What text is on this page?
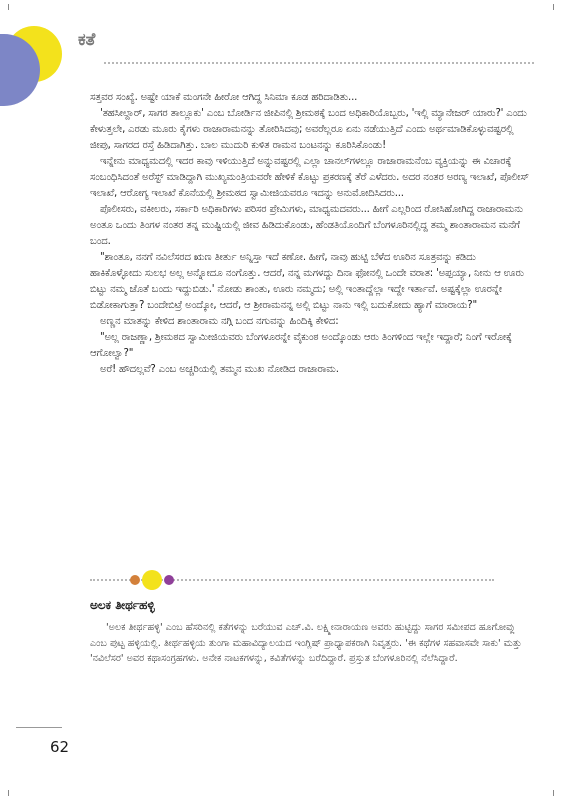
ಕತೆ

ಸತ್ತವರ ಸಂಖ್ಯೆ. ಅಷ್ಟೇ ಯಾಕೆ ಮಂಗನೇ ಹೀರೋ ಆಗಿದ್ದ ಸಿನಿಮಾ ಕೂಡ ಹರಿದಾಡಿತು...

'ತಹಸೀಲ್ದಾರ್, ಸಾಗರ ತಾಲ್ಲೂಕು' ಎಂಬ ಬೋರ್ಡಿನ ಜೀಪಿನಲ್ಲಿ ಶ್ರೀಮಠಕ್ಕೆ ಬಂದ ಅಧಿಕಾರಿಯೊಬ್ಬರು, 'ಇಲ್ಲಿ ಮ್ಯಾನೇಜರ್ ಯಾರು?' ಎಂದು ಕೇಳುತ್ತಲೇ, ಎರಡು ಮೂರು ಕೈಗಳು ರಾಜಾರಾಮನನ್ನು ತೋರಿಸಿದವು; ಅವರೆಲ್ಲರೂ ಏನು ನಡೆಯುತ್ತಿದೆ ಎಂದು ಅರ್ಥಮಾಡಿಕೊಳ್ಳುವಷ್ಟರಲ್ಲಿ ಜೀಪು, ಸಾಗರದ ರಸ್ತೆ ಹಿಡಿದಾಗಿತ್ತು. ಬಾಲ ಮುದುರಿ ಕುಳಿತ ರಾಮನ ಬಂಟನನ್ನು ಕೂರಿಸಿಕೊಂಡು!

ಇನ್ನೇನು ಮಾಧ್ಯಮದಲ್ಲಿ ಇದರ ಕಾವು ಇಳಿಯುತ್ತಿದೆ ಅನ್ನುವಷ್ಟರಲ್ಲಿ ಎಲ್ಲಾ ಚಾನಲ್‌ಗಳಲ್ಲೂ ರಾಜಾರಾಮನೆಂಬ ವ್ಯಕ್ತಿಯನ್ನು ಈ ವಿಚಾರಕ್ಕೆ ಸಂಬಂಧಿಸಿದಂತೆ ಅರೆಸ್ಟ್ ಮಾಡಿದ್ದಾಗಿ ಮುಖ್ಯಮಂತ್ರಿಯವರೇ ಹೇಳಿಕೆ ಕೊಟ್ಟು ಪ್ರಕರಣಕ್ಕೆ ತೆರೆ ಎಳೆದರು. ಅದರ ನಂತರ ಅರಣ್ಯ ಇಲಾಖೆ, ಪೊಲೀಸ್ ಇಲಾಖೆ, ಆರೋಗ್ಯ ಇಲಾಖೆ ಕೊನೆಯಲ್ಲಿ ಶ್ರೀಮಠದ ಸ್ವಾಮೀಜಿಯವರೂ ಇದನ್ನು ಅನುಮೋದಿಸಿದರು...

ಪೊಲೀಸರು, ವಕೀಲರು, ಸರ್ಕಾರಿ ಅಧಿಕಾರಿಗಳು ಪರಿಸರ ಪ್ರೇಮಿಗಳು, ಮಾಧ್ಯಮದವರು... ಹೀಗೆ ಎಲ್ಲರಿಂದ ರೋಸಿಹೋಗಿದ್ದ ರಾಜಾರಾಮನು ಅಂತೂ ಒಂದು ತಿಂಗಳ ನಂತರ ತನ್ನ ಮುಷ್ಟಿಯಲ್ಲಿ ಜೀವ ಹಿಡಿದುಕೊಂಡು, ಹೆಂಡತಿಯೊಂದಿಗೆ ಬೆಂಗಳೂರಿನಲ್ಲಿದ್ದ ತಮ್ಮ ಶಾಂತಾರಾಮನ ಮನೆಗೆ ಬಂದ.

"ಶಾಂತೂ, ನನಗೆ ನವಿಲೆಸರದ ಋಣ ತೀರ್ತು ಅನ್ನಿಸ್ತಾ ಇದೆ ಕಣೋ. ಹೀಗೆ, ನಾವು ಹುಟ್ಟಿ ಬೆಳೆದ ಊರಿನ ಸೂತ್ರವನ್ನು ಕಡಿದು ಹಾಕಿಕೊಳ್ಳೋದು ಸುಲಭ ಅಲ್ಲ ಅನ್ನೋದೂ ನಂಗೊತ್ತು. ಆದರೆ, ನನ್ನ ಮಗಳದ್ದು ದಿನಾ ಫೋನಲ್ಲಿ ಒಂದೇ ವರಾತ: 'ಅಪ್ಪಯ್ಯಾ, ನೀನು ಆ ಊರು ಬಿಟ್ಟು ನಮ್ಮ ಜೊತೆ ಬಂದು ಇದ್ದುಬಿಡು.' ನೋಡು ಶಾಂತು, ಊರು ನಮ್ಮದು; ಅಲ್ಲಿ ಇಂತಾದ್ದೆಲ್ಲಾ ಇದ್ದೇ ಇರ್ತಾವೆ. ಅಷ್ಟಕ್ಕೆಲ್ಲಾ ಊರನ್ನೇ ಬಿಡೋಕಾಗುತ್ತಾ? ಬಂದೇಬಿಟ್ರೆ ಅಂದ್ಕೋ, ಆದರೆ, ಆ ಶ್ರೀರಾಮನನ್ನ ಅಲ್ಲಿ ಬಿಟ್ಟು ನಾನು ಇಲ್ಲಿ ಬದುಕೋದು ಹ್ಯಾಗೆ ಮಾರಾಯ?"

ಅಣ್ಣನ ಮಾತನ್ನು ಕೇಳಿದ ಶಾಂತಾರಾಮ ನಗ್ಗಿ ಬಂದ ನಗುವನ್ನು ಹಿಂದಿಕ್ಕಿ ಕೇಳಿದ:

"ಅಲ್ಲ ರಾಜಣ್ಣಾ, ಶ್ರೀಮಠದ ಸ್ವಾಮೀಜಿಯವರು ಬೆಂಗಳೂರನ್ನೇ ವೈಕುಂಠ ಅಂದ್ಕೊಂಡು ಆರು ತಿಂಗಳಿಂದ ಇಲ್ಲೇ ಇದ್ದಾರೆ; ನಿಂಗೆ ಇರೋಕ್ಕೆ ಆಗೋಲ್ವಾ?"

ಅರೆ! ಹೌದಲ್ಲವೆ? ಎಂಬ ಅಚ್ಚರಿಯಲ್ಲಿ ತಮ್ಮನ ಮುಖ ನೋಡಿದ ರಾಜಾರಾಮ.

ಅಲಕ ತೀರ್ಥಹಳ್ಳಿ

'ಅಲಕ ತೀರ್ಥಹಳ್ಳಿ' ಎಂಬ ಹೆಸರಿನಲ್ಲಿ ಕತೆಗಳನ್ನು ಬರೆಯುವ ಎಚ್.ವಿ. ಲಕ್ಷ್ಮೀನಾರಾಯಣ ಅವರು ಹುಟ್ಟಿದ್ದು ಸಾಗರ ಸಮೀಪದ ಹೂಗೋವ್ಲು ಎಂಬ ಪುಟ್ಟ ಹಳ್ಳಿಯಲ್ಲಿ. ತೀರ್ಥಹಳ್ಳಿಯ ತುಂಗಾ ಮಹಾವಿದ್ಯಾಲಯದ ಇಂಗ್ಲಿಷ್ ಪ್ರಾಧ್ಯಾಪಕರಾಗಿ ನಿವೃತ್ತರು. 'ಈ ಕಥೆಗಳ ಸಹವಾಸವೇ ಸಾಕು' ಮತ್ತು 'ನವಿಲೆಸರ' ಅವರ ಕಥಾಸಂಗ್ರಹಗಳು. ಅನೇಕ ನಾಟಕಗಳನ್ನು, ಕವಿತೆಗಳನ್ನು ಬರೆದಿದ್ದಾರೆ. ಪ್ರಸ್ತುತ ಬೆಂಗಳೂರಿನಲ್ಲಿ ನೆಲೆಸಿದ್ದಾರೆ.

62
